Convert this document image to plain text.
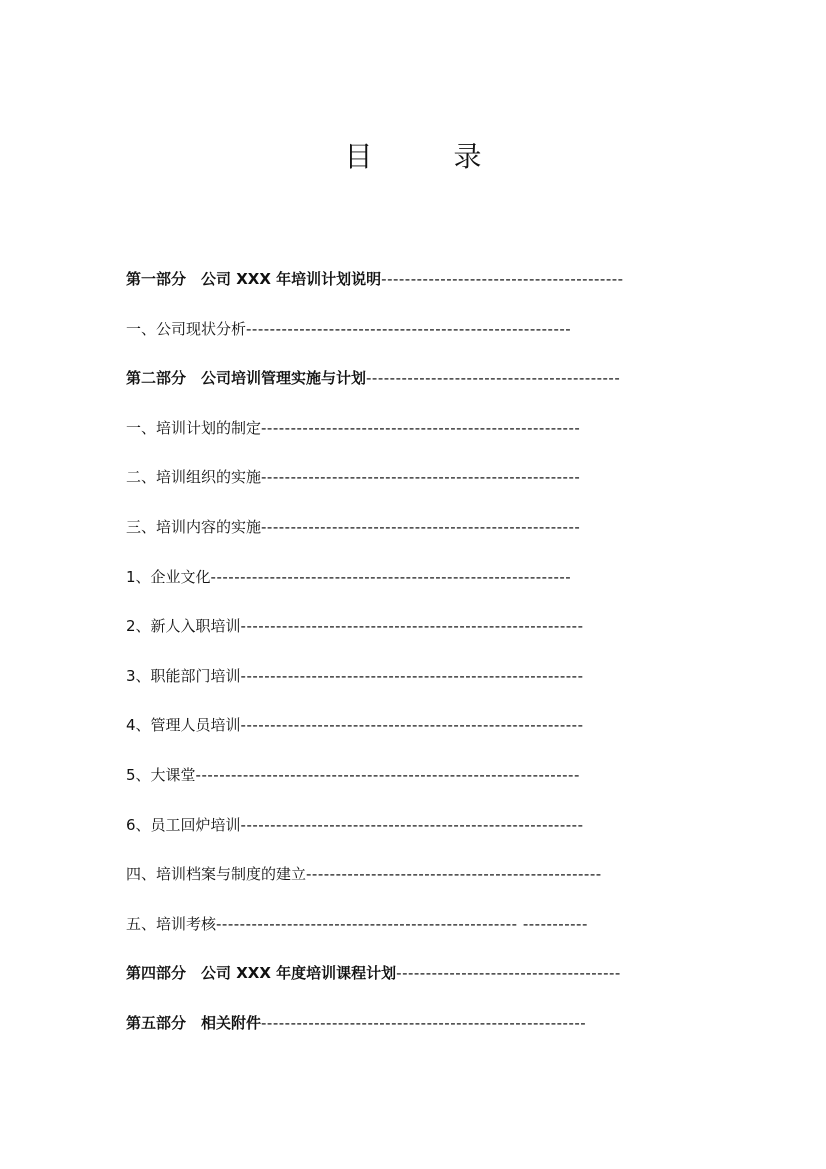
目 录
第一部分　公司 XXX 年培训计划说明-----------------------------------------
一、公司现状分析-------------------------------------------------------
第二部分　公司培训管理实施与计划-------------------------------------------
一、培训计划的制定------------------------------------------------------
二、培训组织的实施------------------------------------------------------
三、培训内容的实施------------------------------------------------------
1、企业文化-------------------------------------------------------------
2、新人入职培训----------------------------------------------------------
3、职能部门培训----------------------------------------------------------
4、管理人员培训----------------------------------------------------------
5、大课堂-----------------------------------------------------------------
6、员工回炉培训----------------------------------------------------------
四、培训档案与制度的建立--------------------------------------------------
五、培训考核--------------------------------------------------- -----------
第四部分　公司 XXX 年度培训课程计划--------------------------------------
第五部分　相关附件-------------------------------------------------------
